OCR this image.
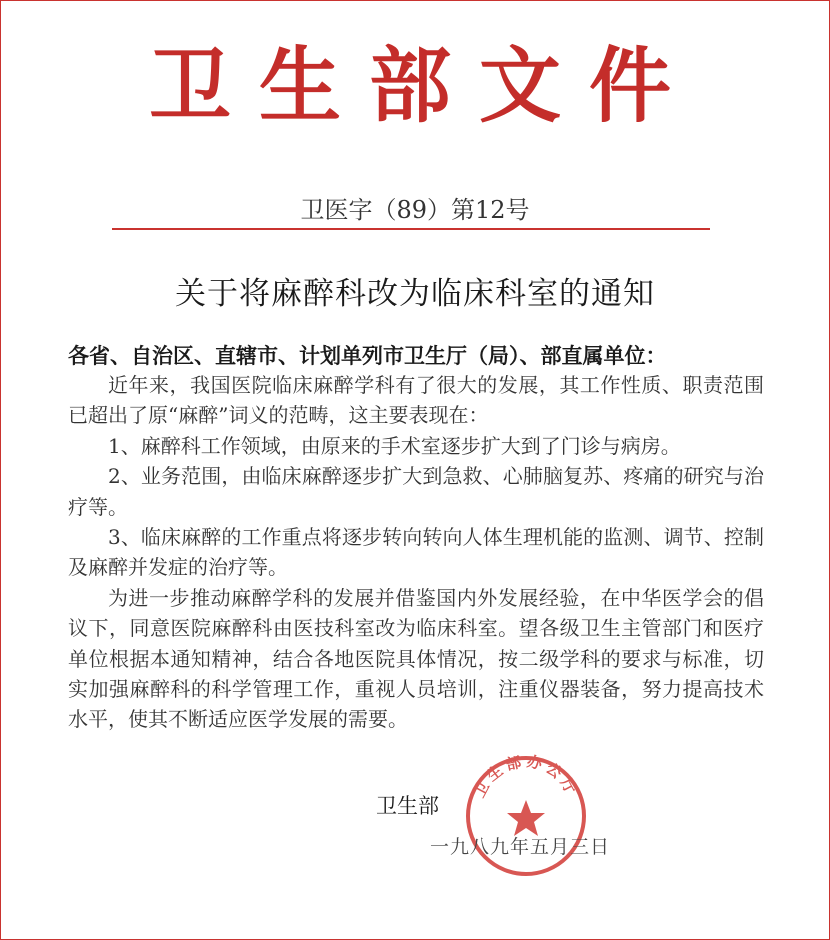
卫生部文件
卫医字（89）第12号
关于将麻醉科改为临床科室的通知
各省、自治区、直辖市、计划单列市卫生厅（局）、部直属单位：

近年来，我国医院临床麻醉学科有了很大的发展，其工作性质、职责范围已超出了原“麻醉”词义的范畴，这主要表现在：

1、麻醉科工作领域，由原来的手术室逐步扩大到了门诊与病房。

2、业务范围，由临床麻醉逐步扩大到急救、心肺脑复苏、疼痛的研究与治疗等。

3、临床麻醉的工作重点将逐步转向转向人体生理机能的监测、调节、控制及麻醉并发症的治疗等。

为进一步推动麻醉学科的发展并借鉴国内外发展经验，在中华医学会的倡议下，同意医院麻醉科由医技科室改为临床科室。望各级卫生主管部门和医疗单位根据本通知精神，结合各地医院具体情况，按二级学科的要求与标准，切实加强麻醉科的科学管理工作，重视人员培训，注重仪器装备，努力提高技术水平，使其不断适应医学发展的需要。

卫生部
卫生部办公厅
一九八九年五月三日
